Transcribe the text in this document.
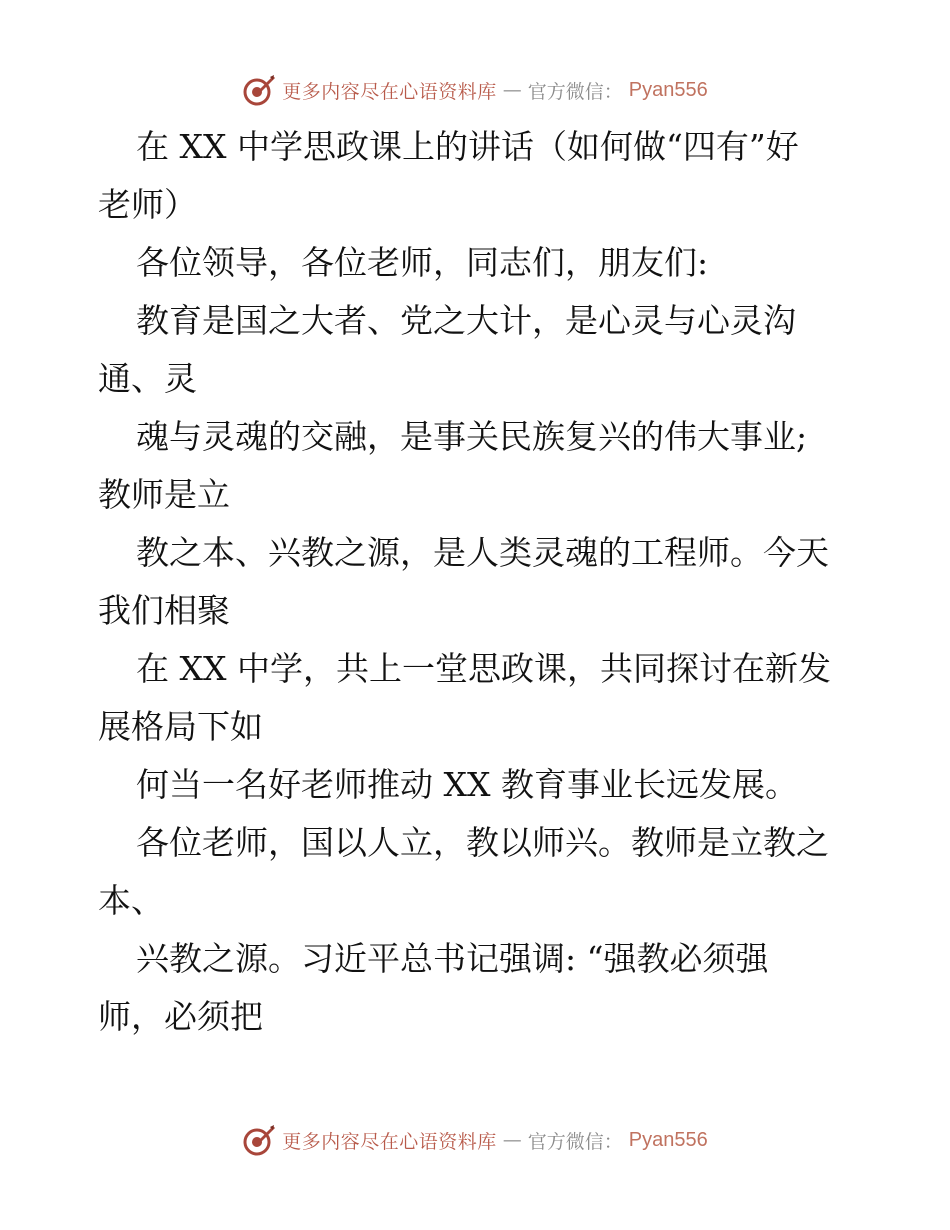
更多内容尽在心语资料库 — 官方微信： Pyan556
在 XX 中学思政课上的讲话（如何做“四有”好
老师）
各位领导，各位老师，同志们，朋友们:
教育是国之大者、党之大计，是心灵与心灵沟
通、灵
魂与灵魂的交融，是事关民族复兴的伟大事业;
教师是立
教之本、兴教之源，是人类灵魂的工程师。今天
我们相聚
在 XX 中学，共上一堂思政课，共同探讨在新发
展格局下如
何当一名好老师推动 XX 教育事业长远发展。
各位老师，国以人立，教以师兴。教师是立教之
本、
兴教之源。习近平总书记强调: “强教必须强
师，必须把
更多内容尽在心语资料库 — 官方微信： Pyan556
